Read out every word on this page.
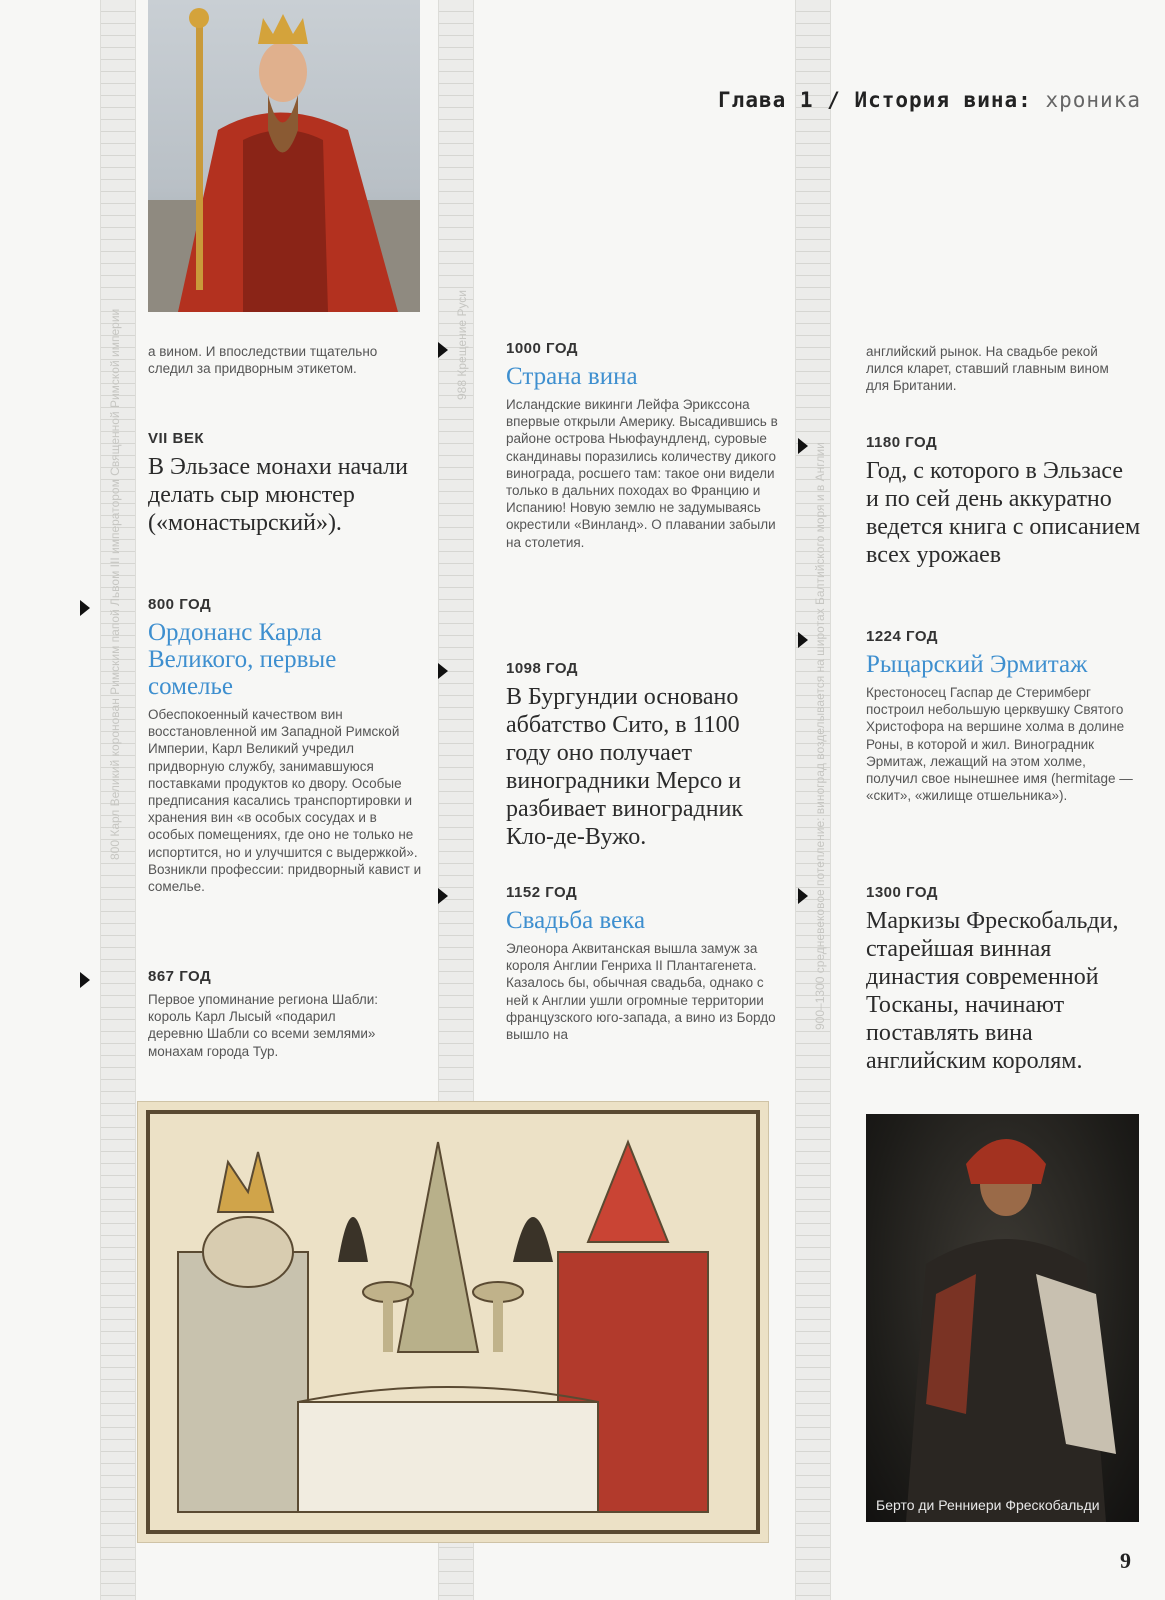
800 Карл Великий коронован Римским папой Львом III императором Священной Римской империи	988 Крещение Руси
900–1300 средневековое потепление: виноград возделывается на широтах Балтийского моря и в Англии
Глава 1 / История вина: хроника
а вином. И впоследствии тщательно следил за придворным этикетом.
VII ВЕК
В Эльзасе монахи начали делать сыр мюнстер («монастырский»).
800 ГОД
Ордонанс Карла Великого, первые сомелье
Обеспокоенный качеством вин восстановленной им Западной Римской Империи, Карл Великий учредил придворную службу, занимавшуюся поставками продуктов ко двору. Особые предписания касались транспортировки и хранения вин «в особых сосудах и в особых помещениях, где оно не только не испортится, но и улучшится с выдержкой». Возникли профессии: придворный кавист и сомелье.
867 ГОД
Первое упоминание региона Шабли: король Карл Лысый «подарил деревню Шабли со всеми землями» монахам города Тур.
1000 ГОД
Страна вина
Исландские викинги Лейфа Эрикссона впервые открыли Америку. Высадившись в районе острова Ньюфаундленд, суровые скандинавы поразились количеству дикого винограда, росшего там: такое они видели только в дальних походах во Францию и Испанию! Новую землю не задумываясь окрестили «Винланд». О плавании забыли на столетия.
1098 ГОД
В Бургундии основано аббатство Сито, в 1100 году оно получает виноградники Мерсо и разбивает виноградник Кло-де-Вужо.
1152 ГОД
Свадьба века
Элеонора Аквитанская вышла замуж за короля Англии Генриха II Плантагенета. Казалось бы, обычная свадьба, однако с ней к Англии ушли огромные территории французского юго-запада, а вино из Бордо вышло на
английский рынок. На свадьбе рекой лился кларет, ставший главным вином для Британии.
1180 ГОД
Год, с которого в Эльзасе и по сей день аккуратно ведется книга с описанием всех урожаев
1224 ГОД
Рыцарский Эрмитаж
Крестоносец Гаспар де Стеримберг построил небольшую церквушку Святого Христофора на вершине холма в долине Роны, в которой и жил. Виноградник Эрмитаж, лежащий на этом холме, получил свое нынешнее имя (hermitage — «скит», «жилище отшельника»).
1300 ГОД
Маркизы Фрескобальди, старейшая винная династия современной Тосканы, начинают поставлять вина английским королям.
Берто ди Ренниери Фрескобальди
9
